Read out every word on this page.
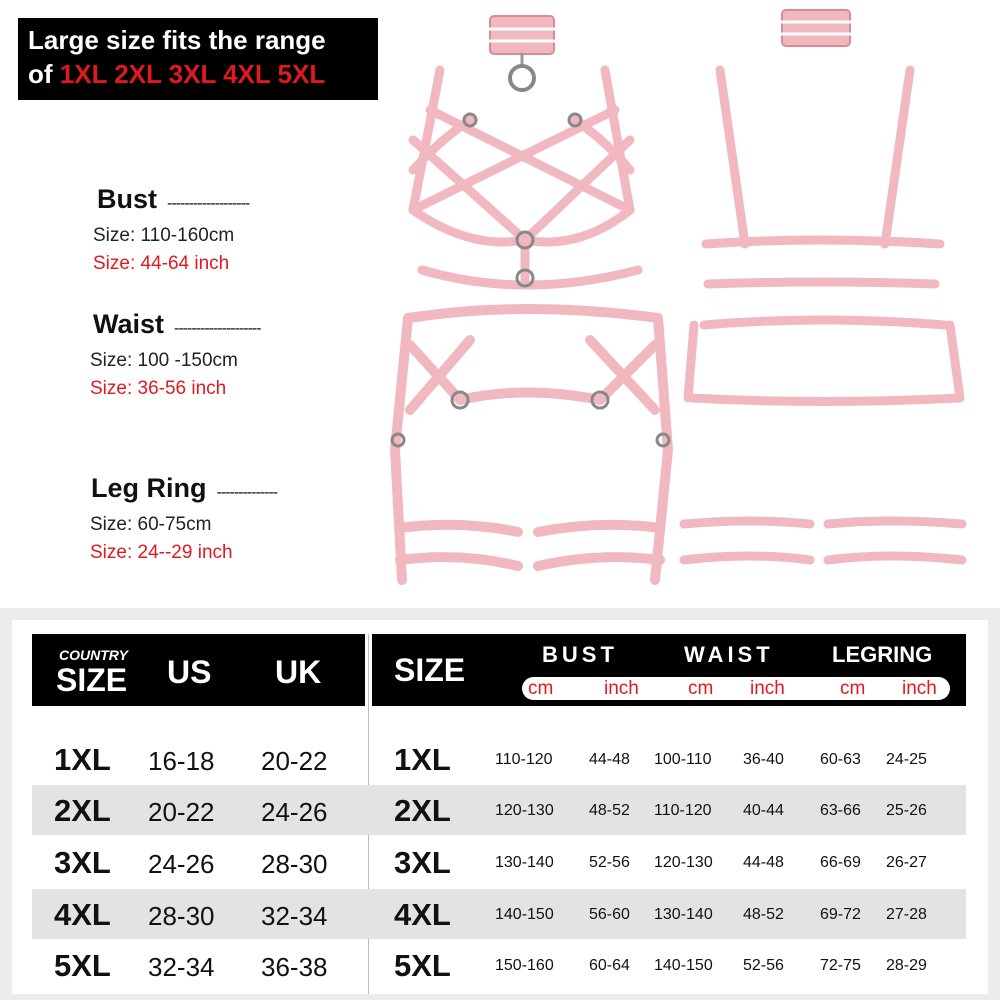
Large size fits the range
of 1XL 2XL 3XL 4XL 5XL
Bust -------------------
Size: 110-160cm
Size: 44-64 inch
Waist --------------------
Size: 100 -150cm
Size: 36-56 inch
Leg Ring --------------
Size: 60-75cm
Size: 24--29 inch
COUNTRY
SIZE US UK SIZE	BUST	WAIST	LEGRING
cm	inch	cm inch	cm inch
1XL 16-18 20-22 1XL	110-120 44-48 100-110 36-40 60-63 24-25
2XL 20-22 24-26 2XL	120-130 48-52 110-120 40-44 63-66 25-26
3XL 24-26 28-30 3XL	130-140 52-56 120-130 44-48 66-69 26-27
4XL 28-30 32-34 4XL	140-150 56-60 130-140 48-52 69-72 27-28
5XL 32-34 36-38 5XL	150-160 60-64 140-150 52-56 72-75 28-29
